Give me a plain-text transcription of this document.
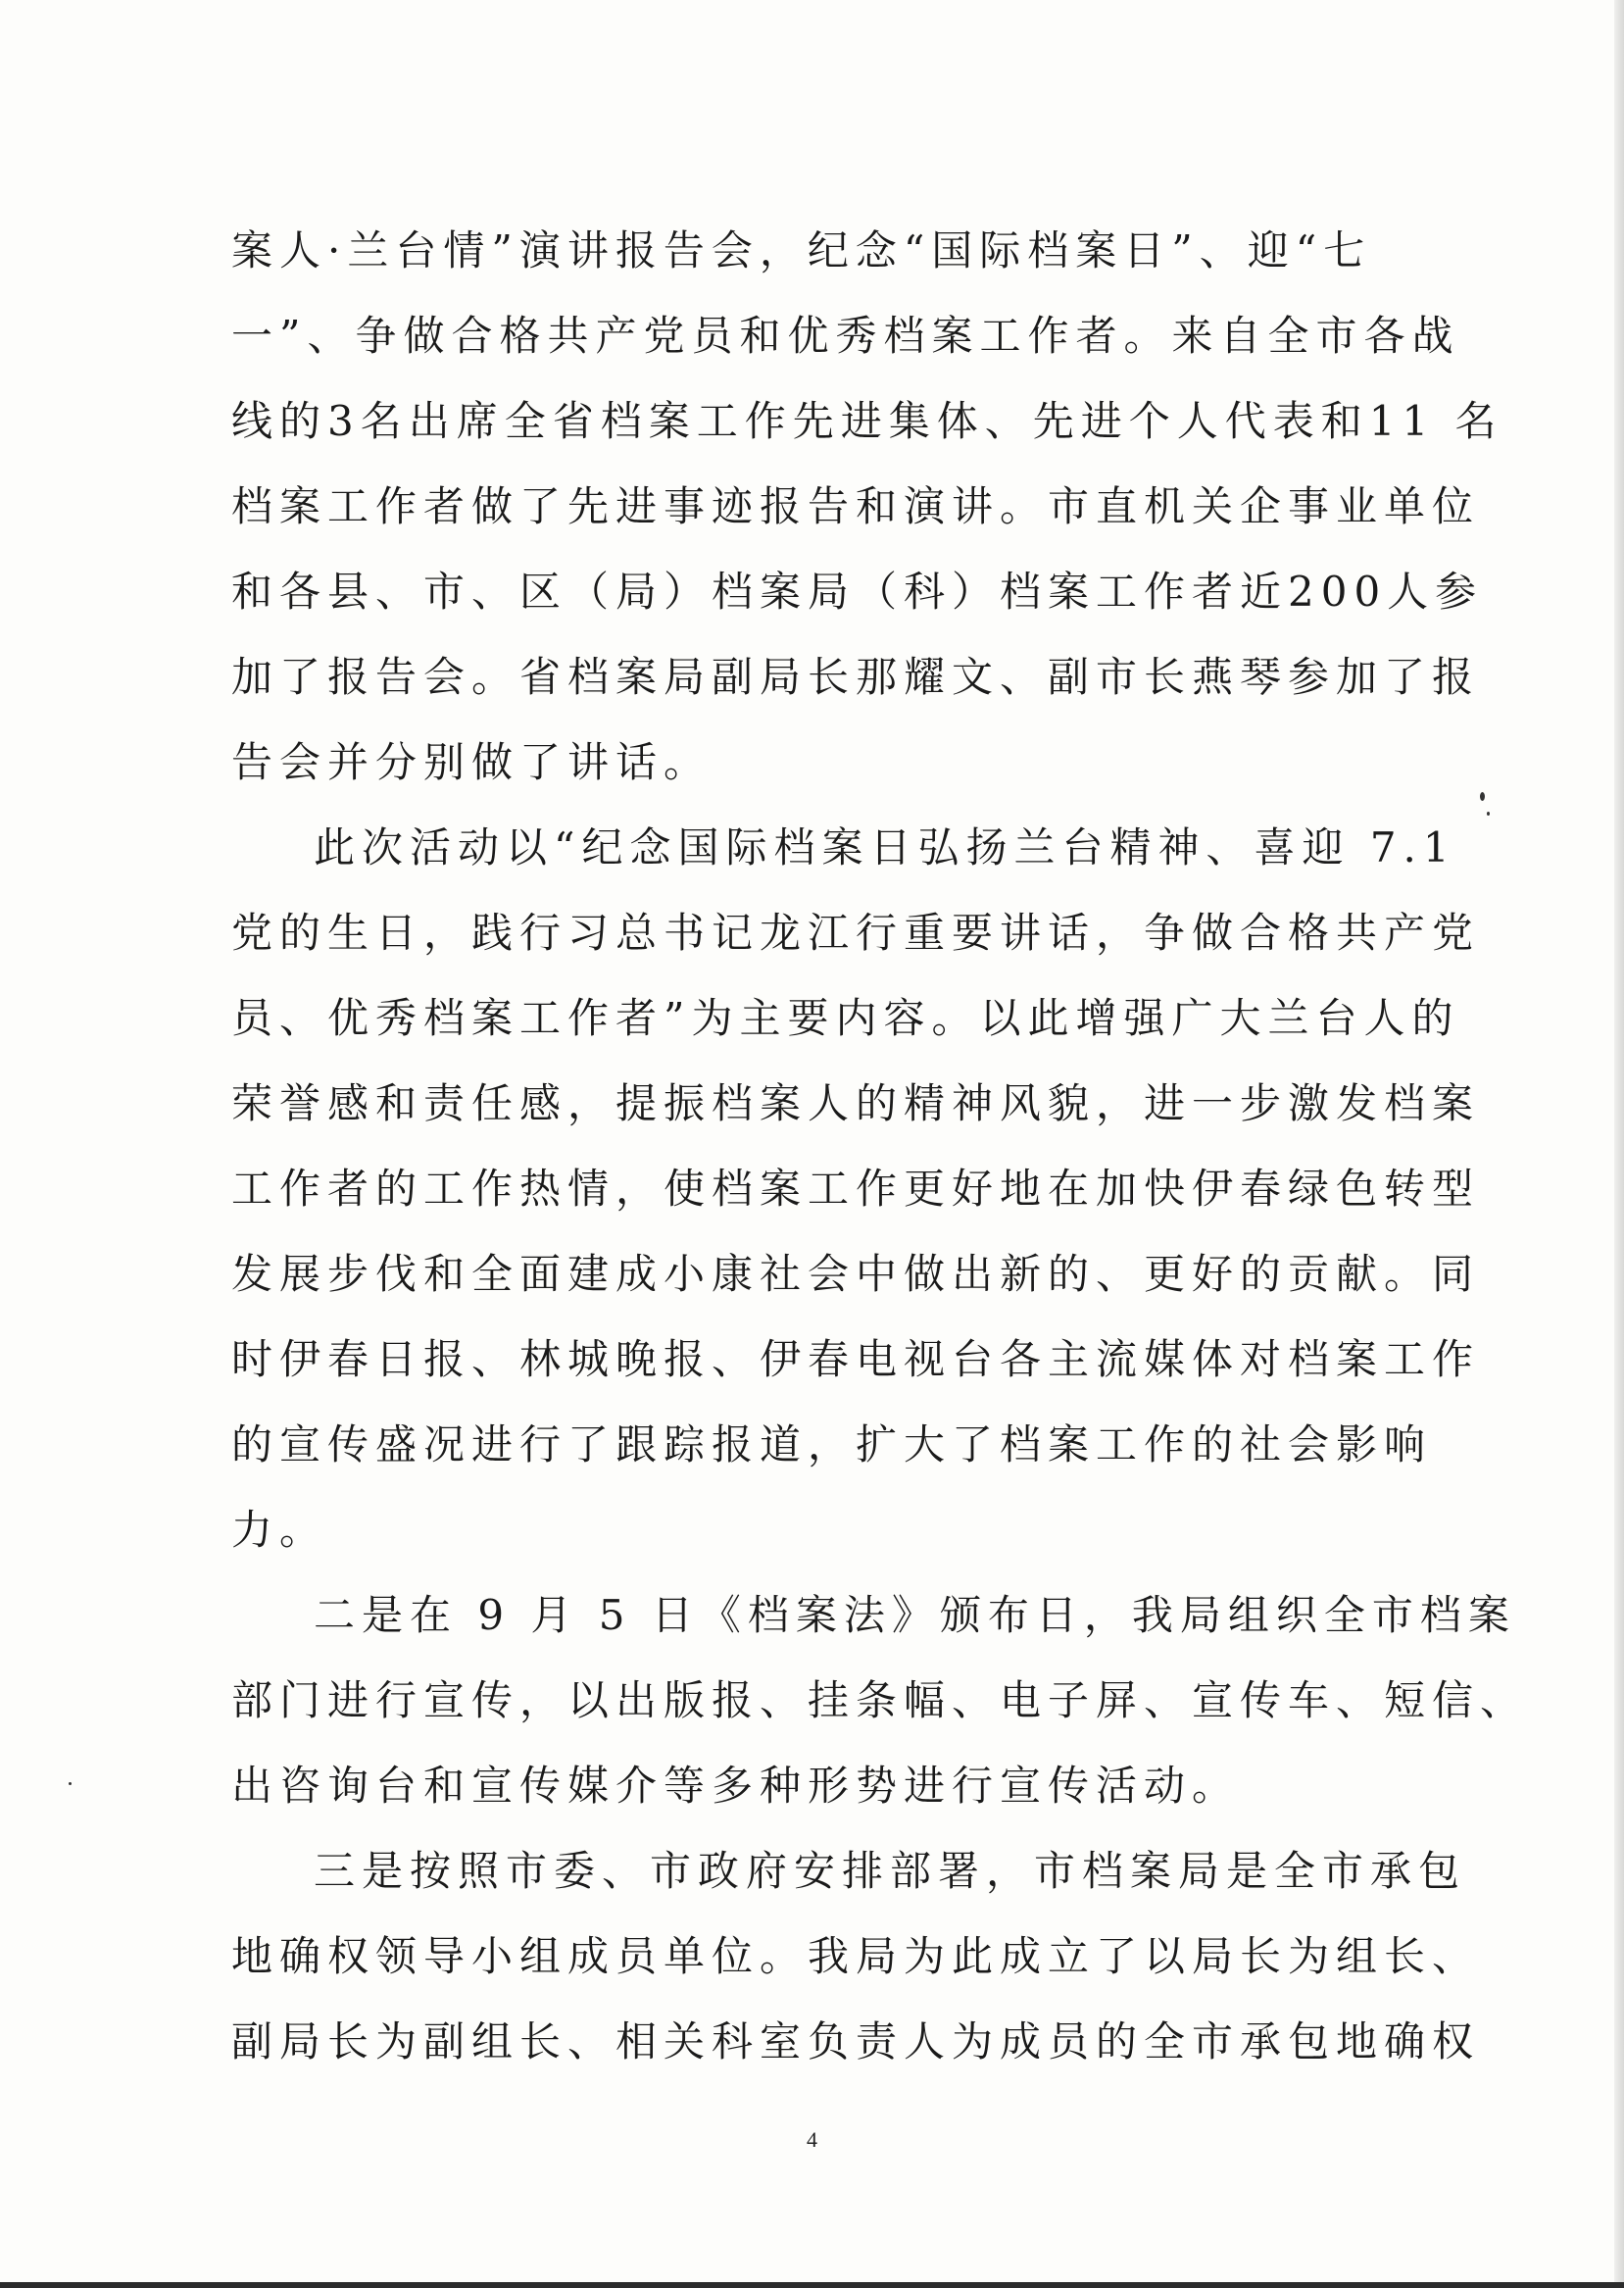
案人·兰台情”演讲报告会，纪念“国际档案日”、迎“七
一”、争做合格共产党员和优秀档案工作者。来自全市各战
线的3名出席全省档案工作先进集体、先进个人代表和11 名
档案工作者做了先进事迹报告和演讲。市直机关企事业单位
和各县、市、区（局）档案局（科）档案工作者近200人参
加了报告会。省档案局副局长那耀文、副市长燕琴参加了报
告会并分别做了讲话。
此次活动以“纪念国际档案日弘扬兰台精神、喜迎 7.1
党的生日，践行习总书记龙江行重要讲话，争做合格共产党
员、优秀档案工作者”为主要内容。以此增强广大兰台人的
荣誉感和责任感，提振档案人的精神风貌，进一步激发档案
工作者的工作热情，使档案工作更好地在加快伊春绿色转型
发展步伐和全面建成小康社会中做出新的、更好的贡献。同
时伊春日报、林城晚报、伊春电视台各主流媒体对档案工作
的宣传盛况进行了跟踪报道，扩大了档案工作的社会影响
力。
二是在 9 月 5 日《档案法》颁布日，我局组织全市档案
部门进行宣传，以出版报、挂条幅、电子屏、宣传车、短信、
出咨询台和宣传媒介等多种形势进行宣传活动。
三是按照市委、市政府安排部署，市档案局是全市承包
地确权领导小组成员单位。我局为此成立了以局长为组长、
副局长为副组长、相关科室负责人为成员的全市承包地确权
4
